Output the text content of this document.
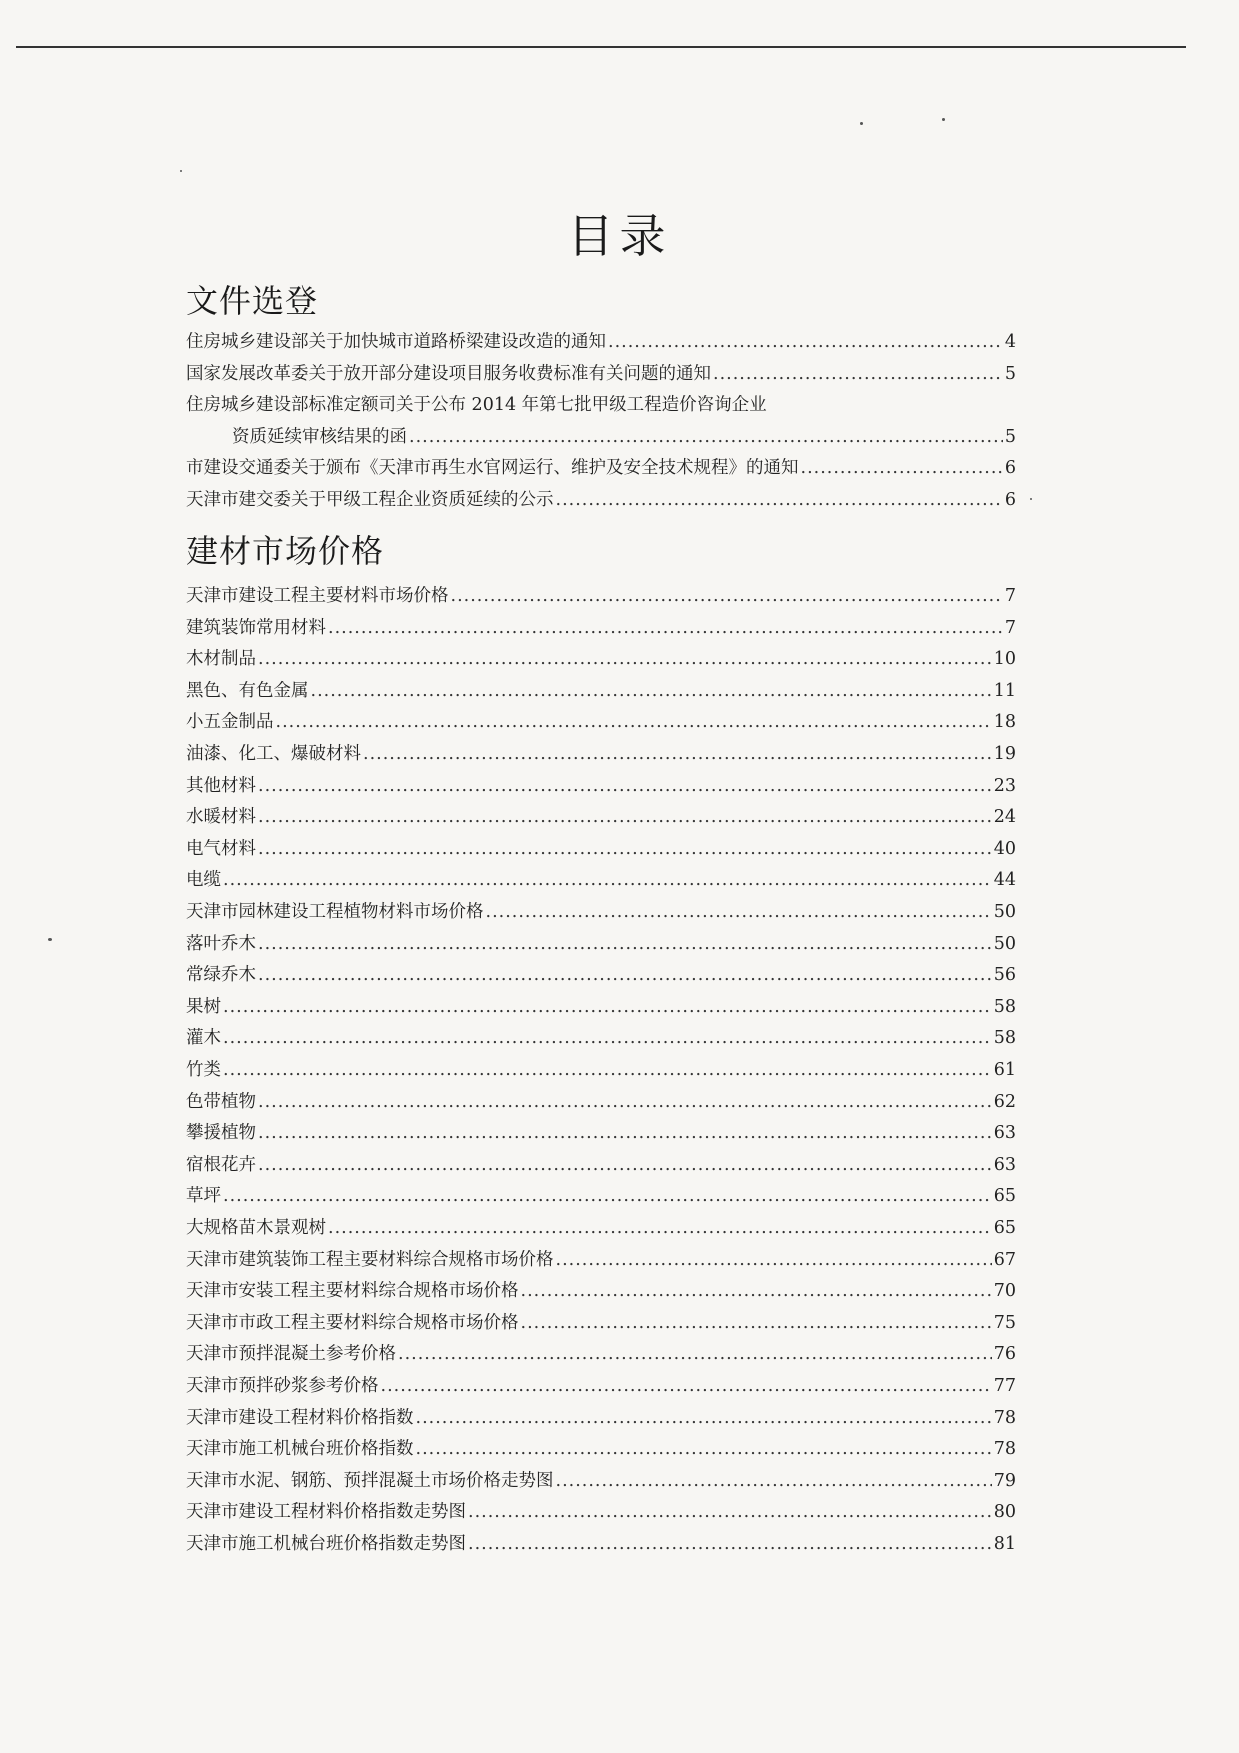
目录
文件选登
住房城乡建设部关于加快城市道路桥梁建设改造的通知 .....	4
国家发展改革委关于放开部分建设项目服务收费标准有关问题的通知 .....	5
住房城乡建设部标准定额司关于公布 2014 年第七批甲级工程造价咨询企业
资质延续审核结果的函 .....	5
市建设交通委关于颁布《天津市再生水官网运行、维护及安全技术规程》的通知 .....	6
天津市建交委关于甲级工程企业资质延续的公示 .....	6
建材市场价格
天津市建设工程主要材料市场价格 .....	7
建筑装饰常用材料 .....	7
木材制品 .....	10
黑色、有色金属 .....	11
小五金制品 .....	18
油漆、化工、爆破材料 .....	19
其他材料 .....	23
水暖材料 .....	24
电气材料 .....	40
电缆 .....	44
天津市园林建设工程植物材料市场价格 .....	50
落叶乔木 .....	50
常绿乔木 .....	56
果树 .....	58
灌木 .....	58
竹类 .....	61
色带植物 .....	62
攀援植物 .....	63
宿根花卉 .....	63
草坪 .....	65
大规格苗木景观树 .....	65
天津市建筑装饰工程主要材料综合规格市场价格 .....	67
天津市安装工程主要材料综合规格市场价格 .....	70
天津市市政工程主要材料综合规格市场价格 .....	75
天津市预拌混凝土参考价格 .....	76
天津市预拌砂浆参考价格 .....	77
天津市建设工程材料价格指数 .....	78
天津市施工机械台班价格指数 .....	78
天津市水泥、钢筋、预拌混凝土市场价格走势图 .....	79
天津市建设工程材料价格指数走势图 .....	80
天津市施工机械台班价格指数走势图 .....	81
